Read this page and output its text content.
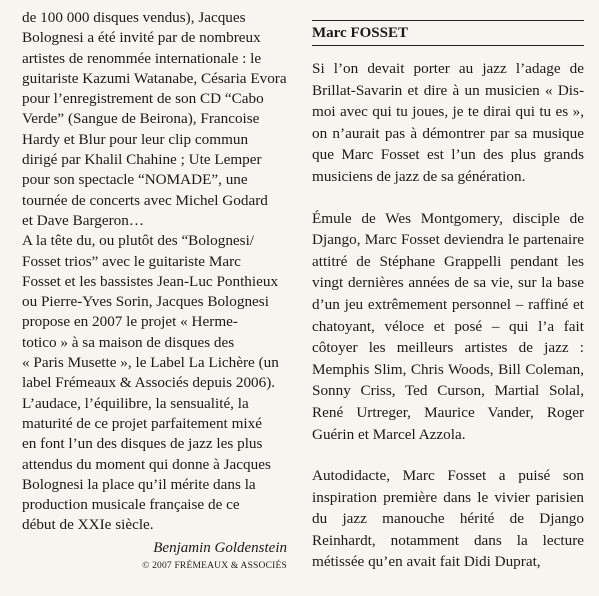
de 100 000 disques vendus), Jacques
Bolognesi a été invité par de nombreux
artistes de renommée internationale : le
guitariste Kazumi Watanabe, Césaria Evora
pour l’enregistrement de son CD “Cabo
Verde” (Sangue de Beirona), Francoise
Hardy et Blur pour leur clip commun
dirigé par Khalil Chahine ; Ute Lemper
pour son spectacle “NOMADE”, une
tournée de concerts avec Michel Godard
et Dave Bargeron…
A la tête du, ou plutôt des “Bolognesi/
Fosset trios” avec le guitariste Marc
Fosset et les bassistes Jean-Luc Ponthieux
ou Pierre-Yves Sorin, Jacques Bolognesi
propose en 2007 le projet « Herme-
totico » à sa maison de disques des
« Paris Musette », le Label La Lichère (un
label Frémeaux & Associés depuis 2006).
L’audace, l’équilibre, la sensualité, la
maturité de ce projet parfaitement mixé
en font l’un des disques de jazz les plus
attendus du moment qui donne à Jacques
Bolognesi la place qu’il mérite dans la
production musicale française de ce
début de XXIe siècle.

Benjamin Goldenstein
© 2007 FRÉMEAUX & ASSOCIÉS
Marc FOSSET

Si l’on devait porter au jazz l’adage de Brillat-Savarin et dire à un musicien « Dis-moi avec qui tu joues, je te dirai qui tu es », on n’aurait pas à démontrer par sa musique que Marc Fosset est l’un des plus grands musiciens de jazz de sa génération.

Émule de Wes Montgomery, disciple de Django, Marc Fosset deviendra le partenaire attitré de Stéphane Grappelli pendant les vingt dernières années de sa vie, sur la base d’un jeu extrêmement personnel – raffiné et chatoyant, véloce et posé – qui l’a fait côtoyer les meilleurs artistes de jazz : Memphis Slim, Chris Woods, Bill Coleman, Sonny Criss, Ted Curson, Martial Solal, René Urtreger, Maurice Vander, Roger Guérin et Marcel Azzola.

Autodidacte, Marc Fosset a puisé son inspiration première dans le vivier parisien du jazz manouche hérité de Django Reinhardt, notamment dans la lecture métissée qu’en avait fait Didi Duprat,
